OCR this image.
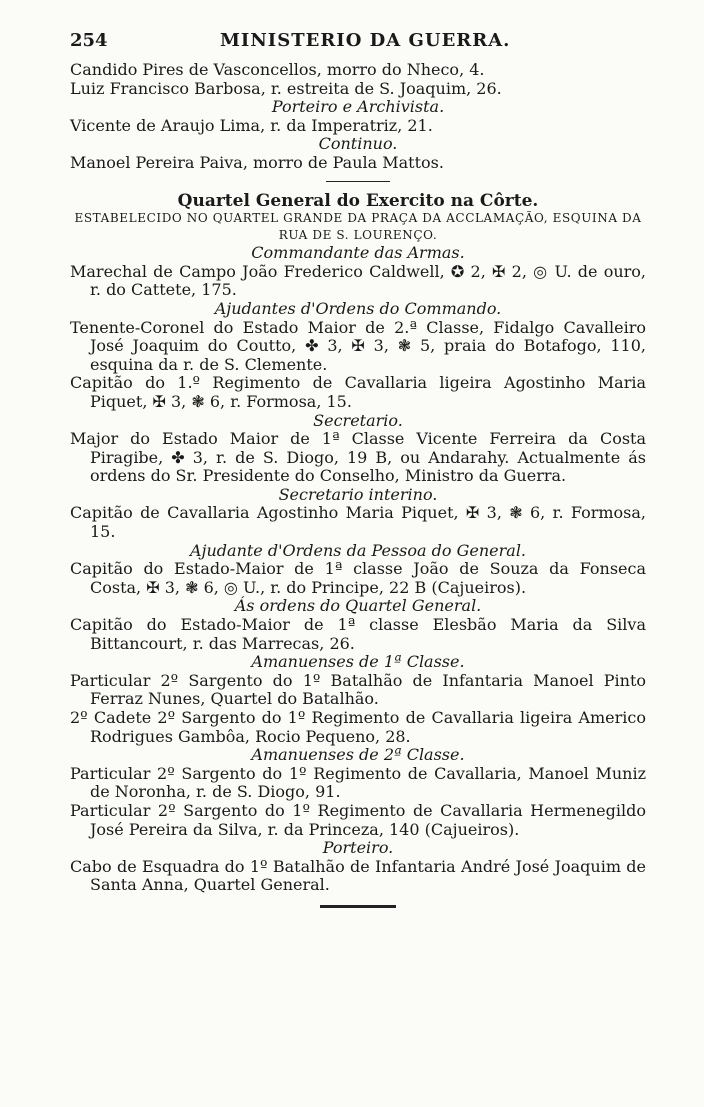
254	MINISTERIO DA GUERRA.

Candido Pires de Vasconcellos, morro do Nheco, 4.

Luiz Francisco Barbosa, r. estreita de S. Joaquim, 26.

Porteiro e Archivista.

Vicente de Araujo Lima, r. da Imperatriz, 21.

Continuo.

Manoel Pereira Paiva, morro de Paula Mattos.

Quartel General do Exercito na Côrte.

ESTABELECIDO NO QUARTEL GRANDE DA PRAÇA DA ACCLAMAÇÃO, ESQUINA DA RUA DE S. LOURENÇO.

Commandante das Armas.

Marechal de Campo João Frederico Caldwell, ✪ 2, ✠ 2, ◎ U. de ouro, r. do Cattete, 175.

Ajudantes d'Ordens do Commando.

Tenente-Coronel do Estado Maior de 2.ª Classe, Fidalgo Cavalleiro José Joaquim do Coutto, ✤ 3, ✠ 3, ❃ 5, praia do Botafogo, 110, esquina da r. de S. Clemente.

Capitão do 1.º Regimento de Cavallaria ligeira Agostinho Maria Piquet, ✠ 3, ❃ 6, r. Formosa, 15.

Secretario.

Major do Estado Maior de 1ª Classe Vicente Ferreira da Costa Piragibe, ✤ 3, r. de S. Diogo, 19 B, ou Andarahy. Actualmente ás ordens do Sr. Presidente do Conselho, Ministro da Guerra.

Secretario interino.

Capitão de Cavallaria Agostinho Maria Piquet, ✠ 3, ❃ 6, r. Formosa, 15.

Ajudante d'Ordens da Pessoa do General.

Capitão do Estado-Maior de 1ª classe João de Souza da Fonseca Costa, ✠ 3, ❃ 6, ◎ U., r. do Principe, 22 B (Cajueiros).

Ás ordens do Quartel General.

Capitão do Estado-Maior de 1ª classe Elesbão Maria da Silva Bittancourt, r. das Marrecas, 26.

Amanuenses de 1ª Classe.

Particular 2º Sargento do 1º Batalhão de Infantaria Manoel Pinto Ferraz Nunes, Quartel do Batalhão.

2º Cadete 2º Sargento do 1º Regimento de Cavallaria ligeira Americo Rodrigues Gambôa, Rocio Pequeno, 28.

Amanuenses de 2ª Classe.

Particular 2º Sargento do 1º Regimento de Cavallaria, Manoel Muniz de Noronha, r. de S. Diogo, 91.

Particular 2º Sargento do 1º Regimento de Cavallaria Hermenegildo José Pereira da Silva, r. da Princeza, 140 (Cajueiros).

Porteiro.

Cabo de Esquadra do 1º Batalhão de Infantaria André José Joaquim de Santa Anna, Quartel General.
